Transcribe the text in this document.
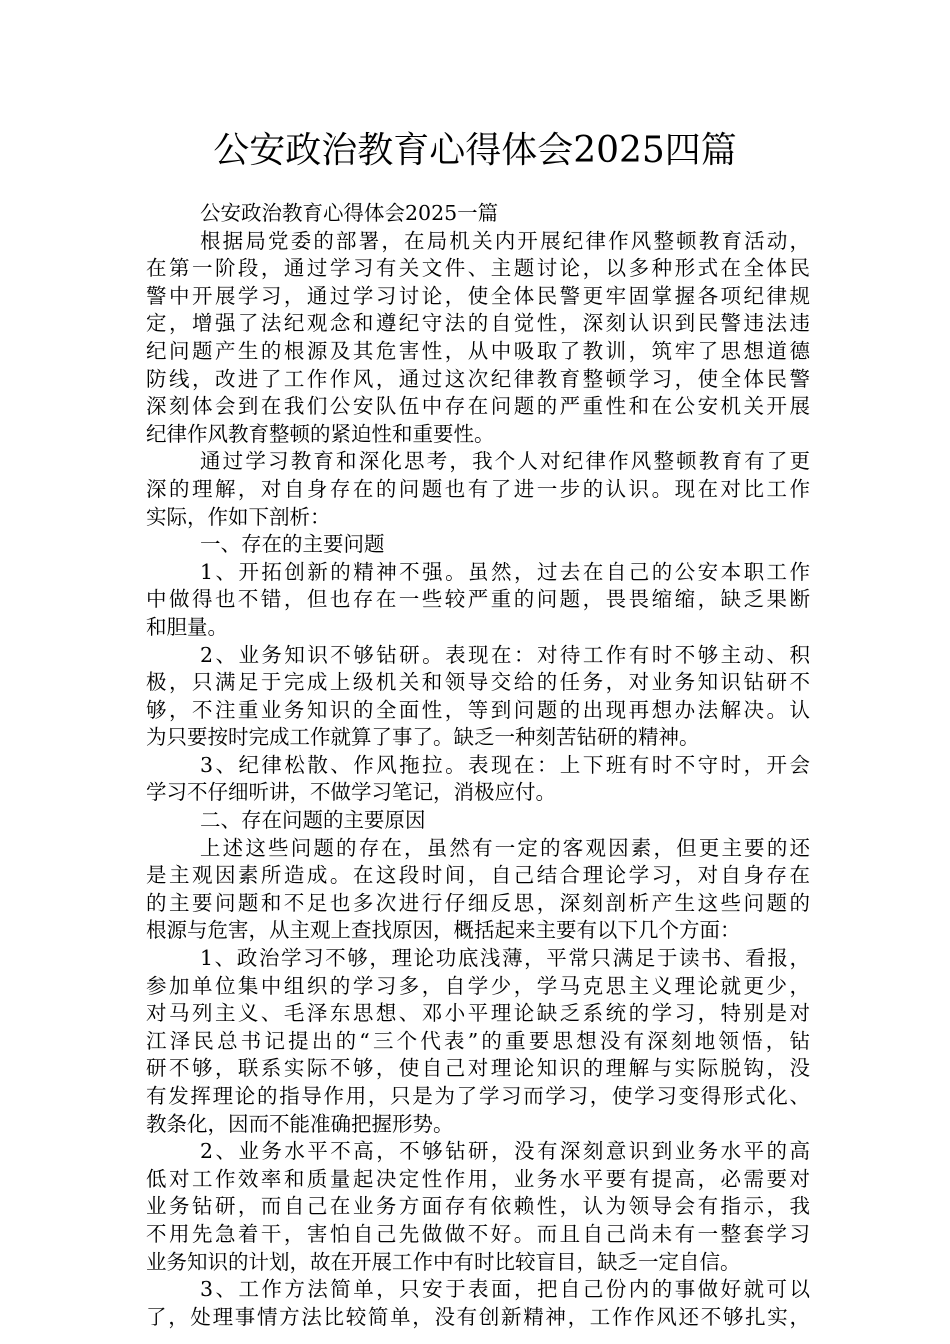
公安政治教育心得体会2025四篇
公安政治教育心得体会2025一篇
根据局党委的部署，在局机关内开展纪律作风整顿教育活动，
在第一阶段，通过学习有关文件、主题讨论，以多种形式在全体民
警中开展学习，通过学习讨论，使全体民警更牢固掌握各项纪律规
定，增强了法纪观念和遵纪守法的自觉性，深刻认识到民警违法违
纪问题产生的根源及其危害性，从中吸取了教训，筑牢了思想道德
防线，改进了工作作风，通过这次纪律教育整顿学习，使全体民警
深刻体会到在我们公安队伍中存在问题的严重性和在公安机关开展
纪律作风教育整顿的紧迫性和重要性。
通过学习教育和深化思考，我个人对纪律作风整顿教育有了更
深的理解，对自身存在的问题也有了进一步的认识。现在对比工作
实际，作如下剖析：
一、存在的主要问题
1、开拓创新的精神不强。虽然，过去在自己的公安本职工作
中做得也不错，但也存在一些较严重的问题，畏畏缩缩，缺乏果断
和胆量。
2、业务知识不够钻研。表现在：对待工作有时不够主动、积
极，只满足于完成上级机关和领导交给的任务，对业务知识钻研不
够，不注重业务知识的全面性，等到问题的出现再想办法解决。认
为只要按时完成工作就算了事了。缺乏一种刻苦钻研的精神。
3、纪律松散、作风拖拉。表现在：上下班有时不守时，开会
学习不仔细听讲，不做学习笔记，消极应付。
二、存在问题的主要原因
上述这些问题的存在，虽然有一定的客观因素，但更主要的还
是主观因素所造成。在这段时间，自己结合理论学习，对自身存在
的主要问题和不足也多次进行仔细反思，深刻剖析产生这些问题的
根源与危害，从主观上查找原因，概括起来主要有以下几个方面：
1、政治学习不够，理论功底浅薄，平常只满足于读书、看报，
参加单位集中组织的学习多，自学少，学马克思主义理论就更少，
对马列主义、毛泽东思想、邓小平理论缺乏系统的学习，特别是对
江泽民总书记提出的“三个代表”的重要思想没有深刻地领悟，钻
研不够，联系实际不够，使自己对理论知识的理解与实际脱钩，没
有发挥理论的指导作用，只是为了学习而学习，使学习变得形式化、
教条化，因而不能准确把握形势。
2、业务水平不高，不够钻研，没有深刻意识到业务水平的高
低对工作效率和质量起决定性作用，业务水平要有提高，必需要对
业务钻研，而自己在业务方面存有依赖性，认为领导会有指示，我
不用先急着干，害怕自己先做做不好。而且自己尚未有一整套学习
业务知识的计划，故在开展工作中有时比较盲目，缺乏一定自信。
3、工作方法简单，只安于表面，把自己份内的事做好就可以
了，处理事情方法比较简单，没有创新精神，工作作风还不够扎实，
